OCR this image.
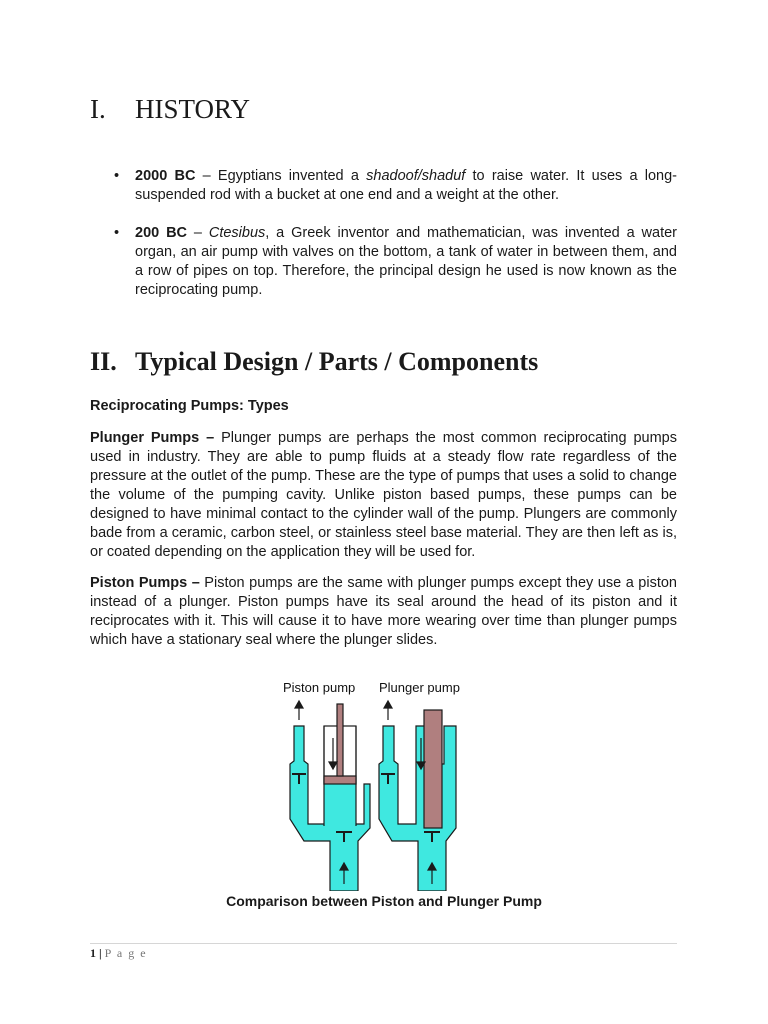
I. HISTORY
• 2000 BC – Egyptians invented a shadoof/shaduf to raise water. It uses a long-suspended rod with a bucket at one end and a weight at the other.
• 200 BC – Ctesibus, a Greek inventor and mathematician, was invented a water organ, an air pump with valves on the bottom, a tank of water in between them, and a row of pipes on top. Therefore, the principal design he used is now known as the reciprocating pump.
II. Typical Design / Parts / Components
Reciprocating Pumps: Types
Plunger Pumps – Plunger pumps are perhaps the most common reciprocating pumps used in industry. They are able to pump fluids at a steady flow rate regardless of the pressure at the outlet of the pump. These are the type of pumps that uses a solid to change the volume of the pumping cavity. Unlike piston based pumps, these pumps can be designed to have minimal contact to the cylinder wall of the pump. Plungers are commonly bade from a ceramic, carbon steel, or stainless steel base material. They are then left as is, or coated depending on the application they will be used for.
Piston Pumps – Piston pumps are the same with plunger pumps except they use a piston instead of a plunger. Piston pumps have its seal around the head of its piston and it reciprocates with it. This will cause it to have more wearing over time than plunger pumps which have a stationary seal where the plunger slides.
Piston pump Plunger pump
Comparison between Piston and Plunger Pump
1 | P a g e
